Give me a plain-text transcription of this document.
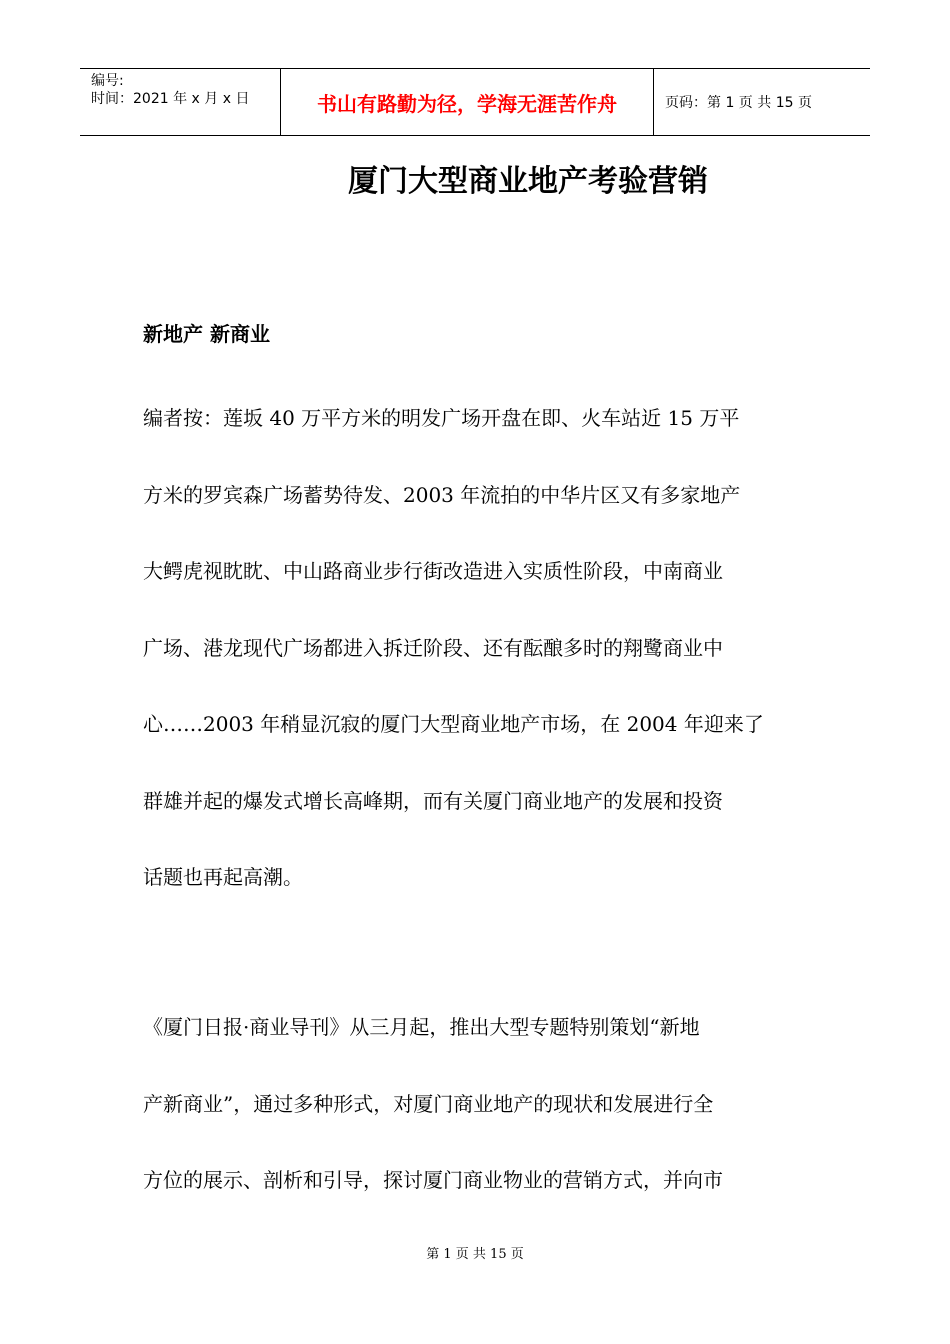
编号:
时间：2021 年 x 月 x 日	书山有路勤为径，学海无涯苦作舟	页码：第 1 页 共 15 页
厦门大型商业地产考验营销
新地产 新商业
编者按：莲坂 40 万平方米的明发广场开盘在即、火车站近 15 万平
方米的罗宾森广场蓄势待发、2003 年流拍的中华片区又有多家地产
大鳄虎视眈眈、中山路商业步行街改造进入实质性阶段，中南商业
广场、港龙现代广场都进入拆迁阶段、还有酝酿多时的翔鹭商业中
心……2003 年稍显沉寂的厦门大型商业地产市场，在 2004 年迎来了
群雄并起的爆发式增长高峰期，而有关厦门商业地产的发展和投资
话题也再起高潮。
《厦门日报·商业导刊》从三月起，推出大型专题特别策划“新地
产新商业”，通过多种形式，对厦门商业地产的现状和发展进行全
方位的展示、剖析和引导，探讨厦门商业物业的营销方式，并向市
第 1 页 共 15 页
